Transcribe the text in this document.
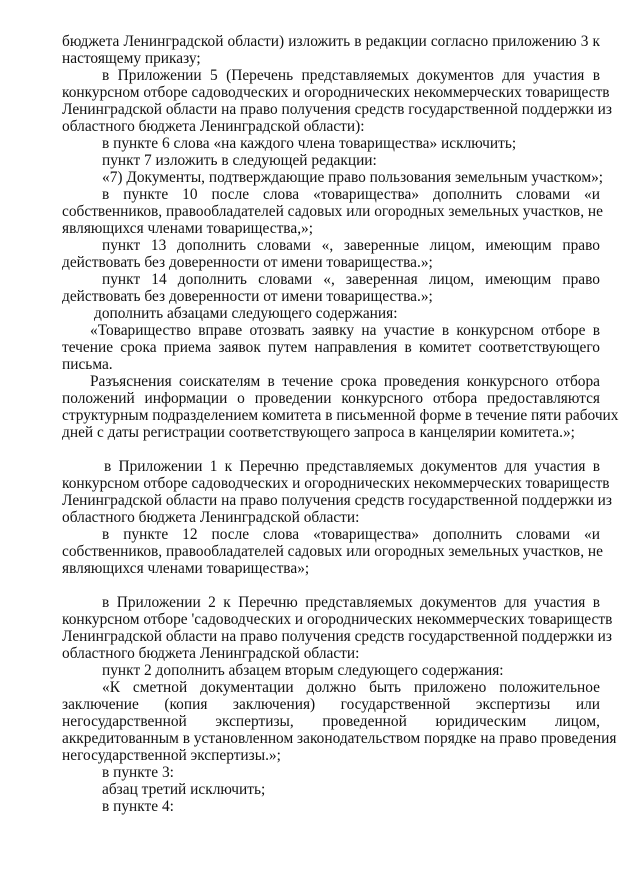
бюджета Ленинградской области) изложить в редакции согласно приложению 3 к
настоящему приказу;
в Приложении 5 (Перечень представляемых документов для участия в
конкурсном отборе садоводческих и огороднических некоммерческих товариществ
Ленинградской области на право получения средств государственной поддержки из
областного бюджета Ленинградской области):
в пункте 6 слова «на каждого члена товарищества» исключить;
пункт 7 изложить в следующей редакции:
«7) Документы, подтверждающие право пользования земельным участком»;
в пункте 10 после слова «товарищества» дополнить словами «и
собственников, правообладателей садовых или огородных земельных участков, не
являющихся членами товарищества,»;
пункт 13 дополнить словами «, заверенные лицом, имеющим право
действовать без доверенности от имени товарищества.»;
пункт 14 дополнить словами «, заверенная лицом, имеющим право
действовать без доверенности от имени товарищества.»;
дополнить абзацами следующего содержания:
«Товарищество вправе отозвать заявку на участие в конкурсном отборе в
течение срока приема заявок путем направления в комитет соответствующего
письма.
Разъяснения соискателям в течение срока проведения конкурсного отбора
положений информации о проведении конкурсного отбора предоставляются
структурным подразделением комитета в письменной форме в течение пяти рабочих
дней с даты регистрации соответствующего запроса в канцелярии комитета.»;
в Приложении 1 к Перечню представляемых документов для участия в
конкурсном отборе садоводческих и огороднических некоммерческих товариществ
Ленинградской области на право получения средств государственной поддержки из
областного бюджета Ленинградской области:
в пункте 12 после слова «товарищества» дополнить словами «и
собственников, правообладателей садовых или огородных земельных участков, не
являющихся членами товарищества»;
в Приложении 2 к Перечню представляемых документов для участия в
конкурсном отборе 'садоводческих и огороднических некоммерческих товариществ
Ленинградской области на право получения средств государственной поддержки из
областного бюджета Ленинградской области:
пункт 2 дополнить абзацем вторым следующего содержания:
«К сметной документации должно быть приложено положительное
заключение (копия заключения) государственной экспертизы или
негосударственной экспертизы, проведенной юридическим лицом,
аккредитованным в установленном законодательством порядке на право проведения
негосударственной экспертизы.»;
в пункте 3:
абзац третий исключить;
в пункте 4:
